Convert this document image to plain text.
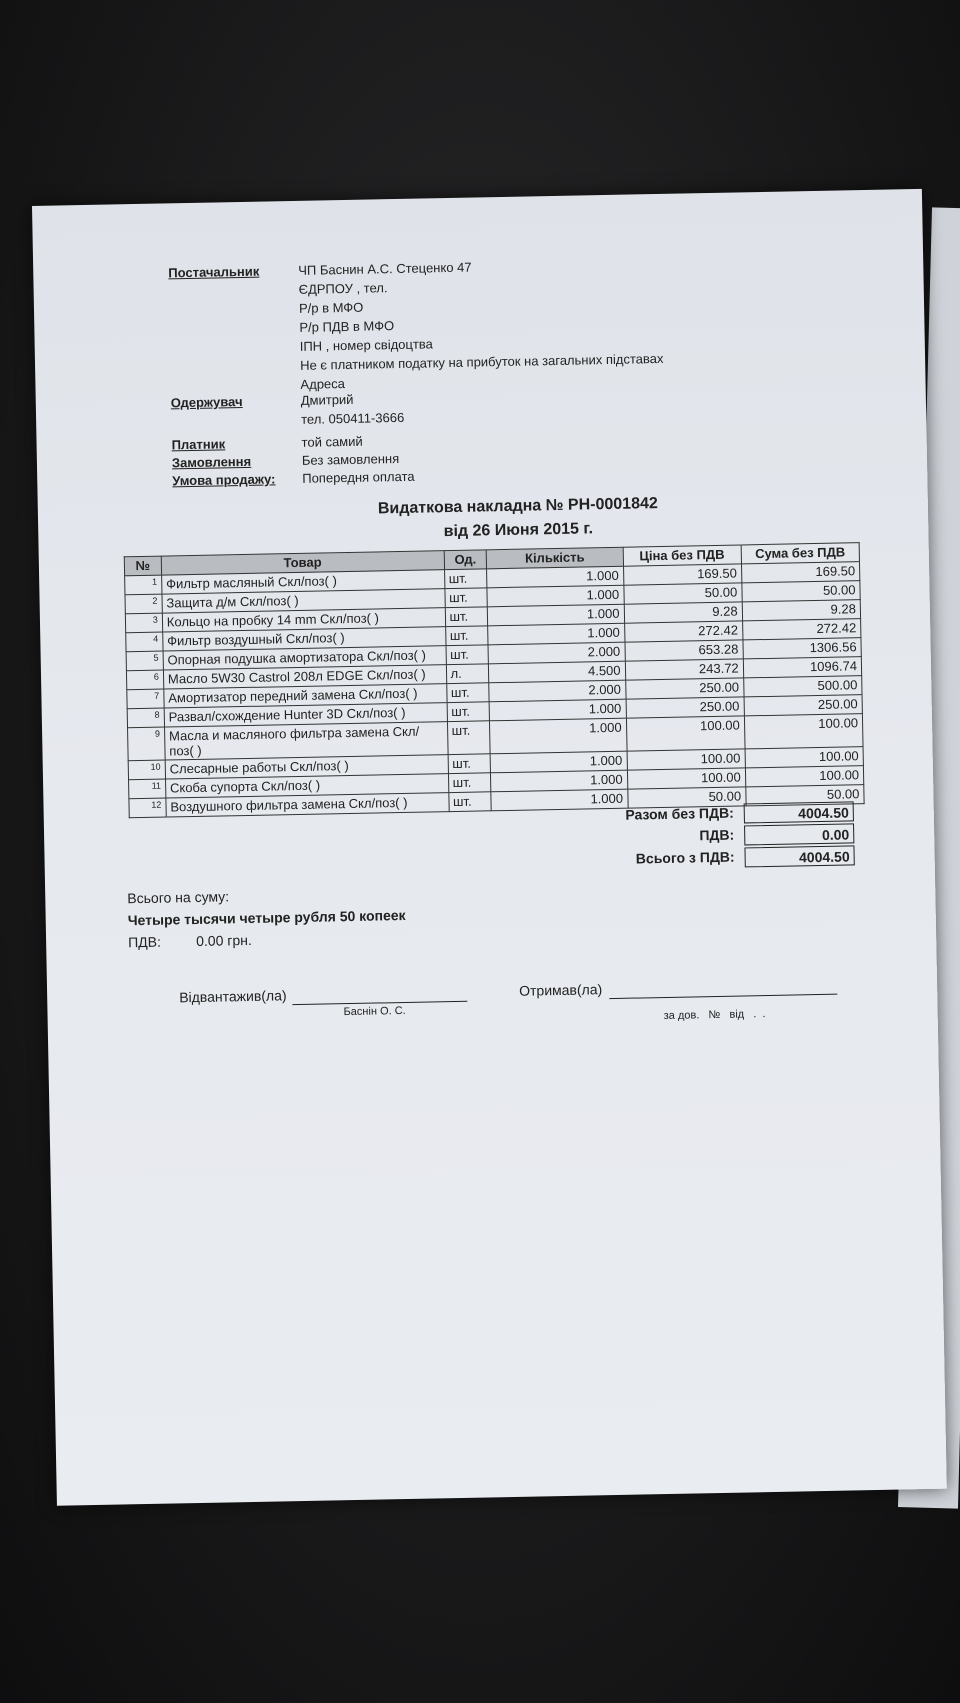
Постачальник	ЧП Баснин А.С. Стеценко 47
ЄДРПОУ , тел.
Р/р в МФО
Р/р ПДВ в МФО
ІПН , номер свідоцтва
Не є платником податку на прибуток на загальних підставах
Адреса
Одержувач	Дмитрий
тел. 050411-3666
Платник	той самий
Замовлення	Без замовлення
Умова продажу: Попередня оплата
Видаткова накладна № РН-0001842
від 26 Июня 2015 г.
№	Товар	Од.	Кількість	Ціна без ПДВ	Сума без ПДВ
1	Фильтр масляный Скл/поз( )	шт.	1.000	169.50	169.50
2	Защита д/м Скл/поз( )	шт.	1.000	50.00	50.00
3	Кольцо на пробку 14 mm Скл/поз( )	шт.	1.000	9.28	9.28
4	Фильтр воздушный Скл/поз( )	шт.	1.000	272.42	272.42
5	Опорная подушка амортизатора Скл/поз( )	шт.	2.000	653.28	1306.56
6	Масло 5W30 Castrol 208л EDGE Скл/поз( )	л.	4.500	243.72	1096.74
7	Амортизатор передний замена Скл/поз( )	шт.	2.000	250.00	500.00
8	Развал/схождение Hunter 3D Скл/поз( )	шт.	1.000	250.00	250.00
9	Масла и масляного фильтра замена Скл/поз( )	шт.	1.000	100.00	100.00
10	Слесарные работы Скл/поз( )	шт.	1.000	100.00	100.00
11	Скоба супорта Скл/поз( )	шт.	1.000	100.00	100.00
12	Воздушного фильтра замена Скл/поз( )	шт.	1.000	50.00	50.00
Разом без ПДВ:	4004.50
ПДВ:	0.00
Всього з ПДВ:	4004.50
Всього на суму:
Четыре тысячи четыре рубля 50 копеек
ПДВ: 0.00 грн.
Відвантажив(ла)
Баснін О. С.
Отримав(ла)
за дов.   №   від   .  .
